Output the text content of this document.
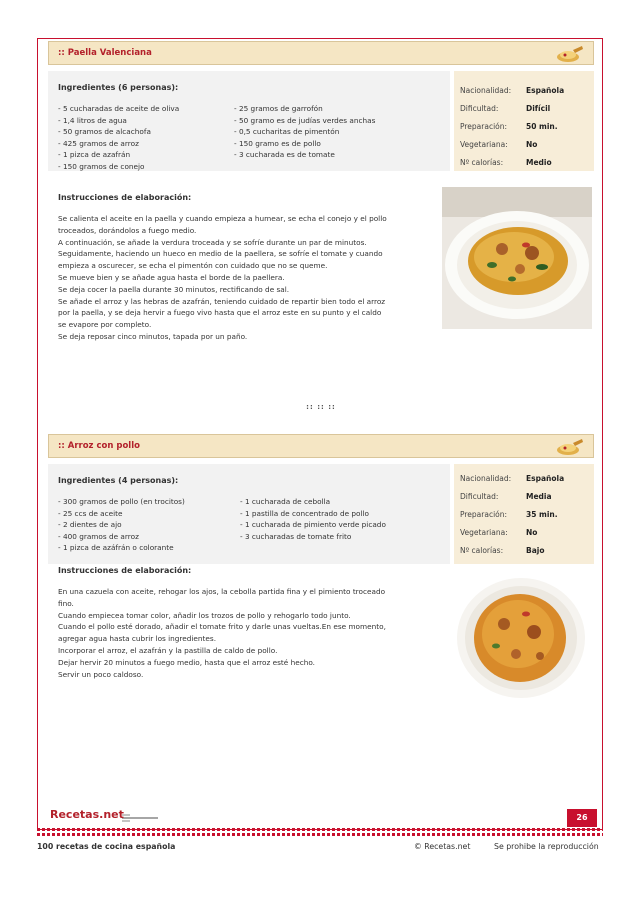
:: Paella Valenciana
Ingredientes (6 personas):
- 5 cucharadas de aceite de oliva
- 1,4 litros de agua
- 50 gramos de alcachofa
- 425 gramos de arroz
- 1 pizca de azafrán
- 150 gramos de conejo
- 25 gramos de garrofón
- 50 gramo es de judías verdes anchas
- 0,5 cucharitas de pimentón
- 150 gramo es de pollo
- 3 cucharada es de tomate
Nacionalidad:	Española
Dificultad:	Difícil
Preparación:	50 min.
Vegetariana:	No
Nº calorías:	Medio
Instrucciones de elaboración:

Se calienta el aceite en la paella y cuando empieza a humear, se echa el conejo y el pollo

troceados, dorándolos a fuego medio.

A continuación, se añade la verdura troceada y se sofríe durante un par de minutos.

Seguidamente, haciendo un hueco en medio de la paellera, se sofríe el tomate y cuando

empieza a oscurecer, se echa el pimentón con cuidado que no se queme.

Se mueve bien y se añade agua hasta el borde de la paellera.

Se deja cocer la paella durante 30 minutos, rectificando de sal.

Se añade el arroz y las hebras de azafrán, teniendo cuidado de repartir bien todo el arroz

por la paella, y se deja hervir a fuego vivo hasta que el arroz este en su punto y el caldo

se evapore por completo.

Se deja reposar cinco minutos, tapada por un paño.

:: :: ::
:: Arroz con pollo
Ingredientes (4 personas):
- 300 gramos de pollo (en trocitos)
- 25 ccs de aceite
- 2 dientes de ajo
- 400 gramos de arroz
- 1 pizca de azáfrán o colorante
- 1 cucharada de cebolla
- 1 pastilla de concentrado de pollo
- 1 cucharada de pimiento verde picado
- 3 cucharadas de tomate frito
Nacionalidad:	Española
Dificultad:	Media
Preparación:	35 min.
Vegetariana:	No
Nº calorías:	Bajo
Instrucciones de elaboración:

En una cazuela con aceite, rehogar los ajos, la cebolla partida fina y el pimiento troceado

fino.

Cuando empiecea tomar color, añadir los trozos de pollo y rehogarlo todo junto.

Cuando el pollo esté dorado, añadir el tomate frito y darle unas vueltas.En ese momento,

agregar agua hasta cubrir los ingredientes.

Incorporar el arroz, el azafrán y la pastilla de caldo de pollo.

Dejar hervir 20 minutos a fuego medio, hasta que el arroz esté hecho.

Servir un poco caldoso.

Recetas.net	26
100 recetas de cocina española	© Recetas.net	Se prohibe la reproducción
